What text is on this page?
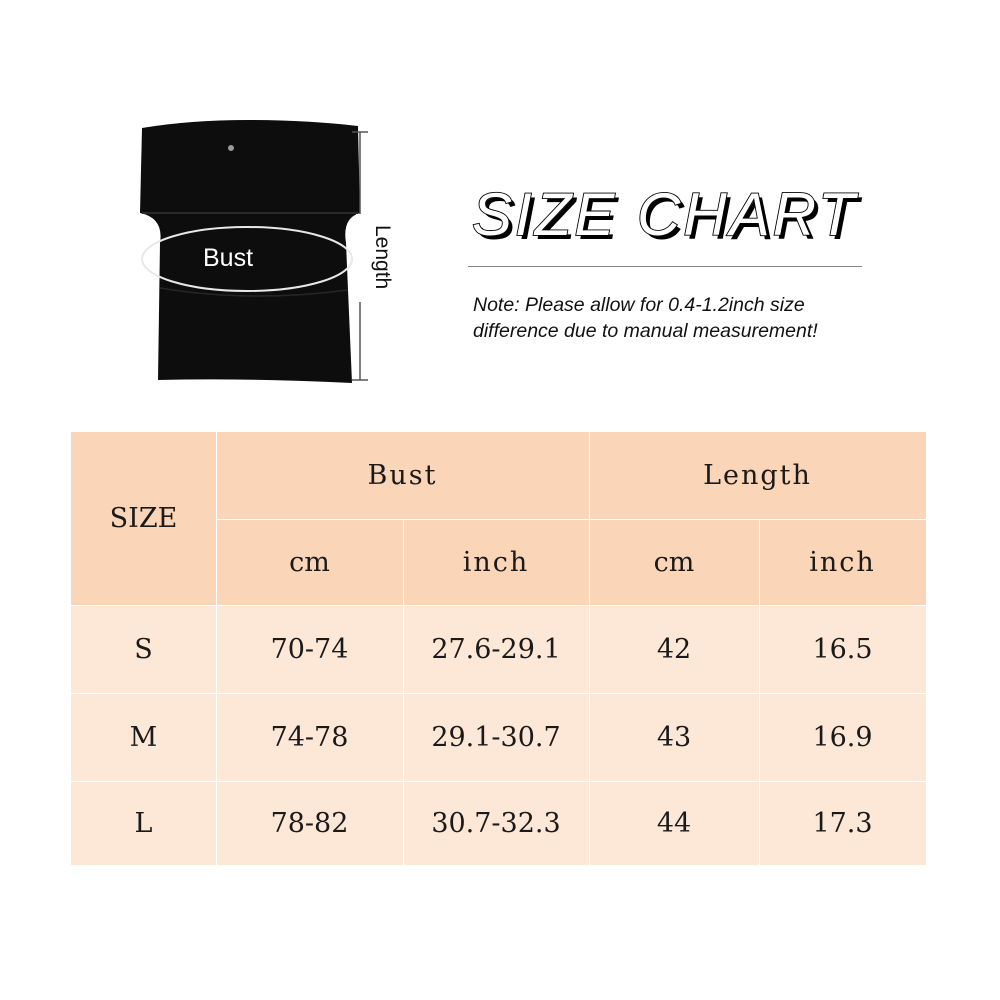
Bust	Length
SIZE CHART
Note: Please allow for 0.4-1.2inch size difference due to manual measurement!
SIZE
Bust	Length
cm	inch	cm	inch
S	70-74	27.6-29.1	42	16.5
M	74-78	29.1-30.7	43	16.9
L	78-82	30.7-32.3	44	17.3
